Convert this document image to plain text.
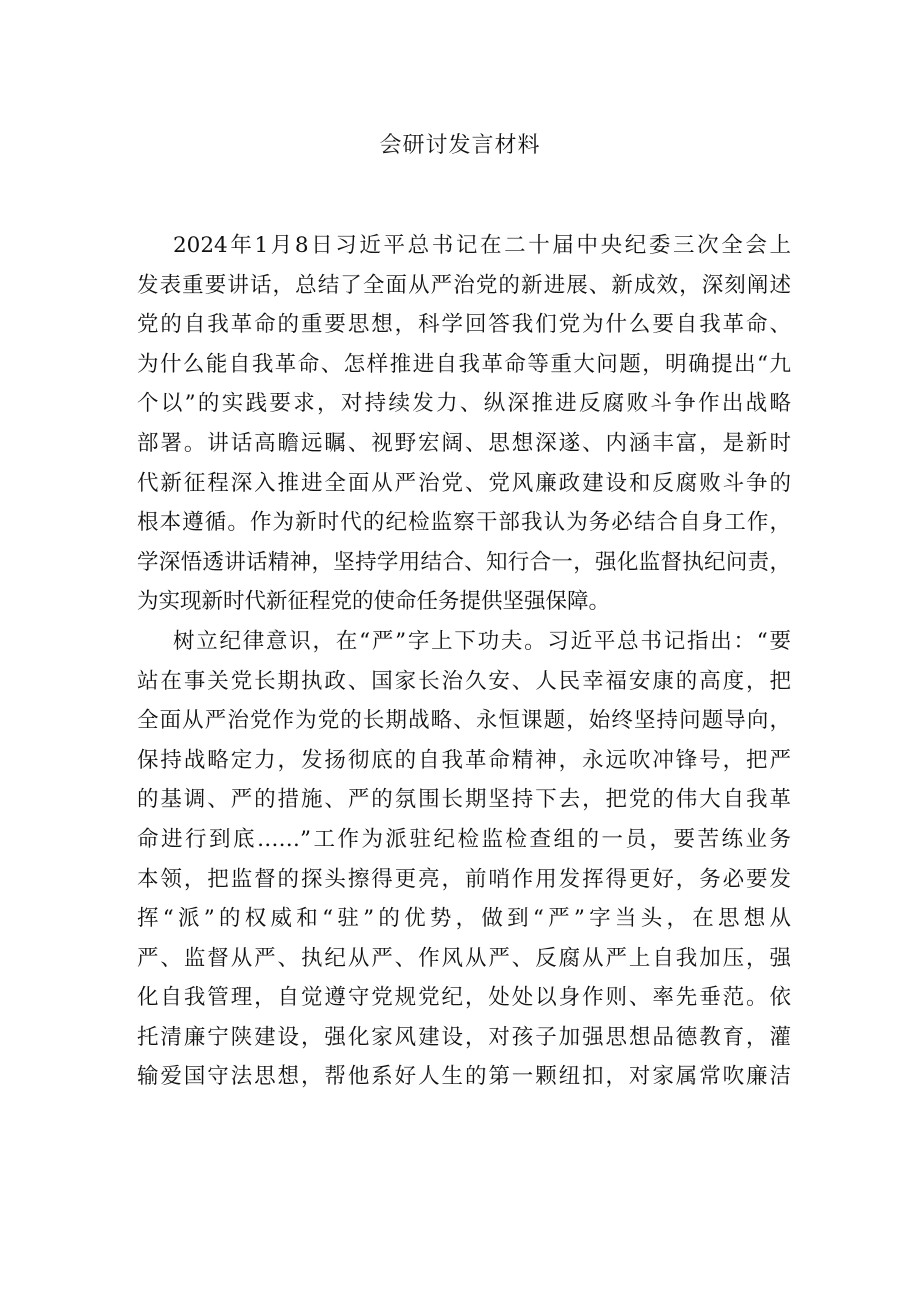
会研讨发言材料
2024年1月8日习近平总书记在二十届中央纪委三次全会上
发表重要讲话，总结了全面从严治党的新进展、新成效，深刻阐述
党的自我革命的重要思想，科学回答我们党为什么要自我革命、
为什么能自我革命、怎样推进自我革命等重大问题，明确提出“九
个以”的实践要求，对持续发力、纵深推进反腐败斗争作出战略
部署。讲话高瞻远瞩、视野宏阔、思想深遂、内涵丰富，是新时
代新征程深入推进全面从严治党、党风廉政建设和反腐败斗争的
根本遵循。作为新时代的纪检监察干部我认为务必结合自身工作，
学深悟透讲话精神，坚持学用结合、知行合一，强化监督执纪问责，
为实现新时代新征程党的使命任务提供坚强保障。
树立纪律意识，在“严”字上下功夫。习近平总书记指出：“要
站在事关党长期执政、国家长治久安、人民幸福安康的高度，把
全面从严治党作为党的长期战略、永恒课题，始终坚持问题导向，
保持战略定力，发扬彻底的自我革命精神，永远吹冲锋号，把严
的基调、严的措施、严的氛围长期坚持下去，把党的伟大自我革
命进行到底……”工作为派驻纪检监检查组的一员，要苦练业务
本领，把监督的探头擦得更亮，前哨作用发挥得更好，务必要发
挥“派”的权威和“驻”的优势，做到“严”字当头，在思想从
严、监督从严、执纪从严、作风从严、反腐从严上自我加压，强
化自我管理，自觉遵守党规党纪，处处以身作则、率先垂范。依
托清廉宁陕建设，强化家风建设，对孩子加强思想品德教育，灌
输爱国守法思想，帮他系好人生的第一颗纽扣，对家属常吹廉洁
